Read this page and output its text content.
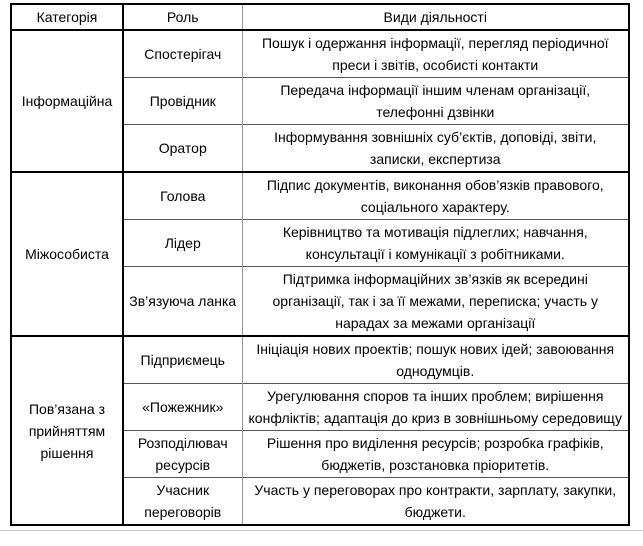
Категорія	Роль	Види діяльності
Інформаційна	Спостерігач	Пошук і одержання інформації, перегляд періодичної преси і звітів, особисті контакти
	Провідник	Передача інформації іншим членам організації, телефонні дзвінки
	Оратор	Інформування зовнішніх суб’єктів, доповіді, звіти, записки, експертиза
Міжособиста	Голова	Підпис документів, виконання обов’язків правового, соціального характеру.
	Лідер	Керівництво та мотивація підлеглих; навчання, консультації і комунікації з робітниками.
	Зв’язуюча ланка	Підтримка інформаційних зв’язків як всередині організації, так і за її межами, переписка; участь у нарадах за межами організації
Пов’язана з прийняттям рішення	Підприємець	Ініціація нових проектів; пошук нових ідей; завоювання однодумців.
	«Пожежник»	Урегулювання споров та інших проблем; вирішення конфліктів; адаптація до криз в зовнішньому середовищу
	Розподілювач ресурсів	Рішення про виділення ресурсів; розробка графіків, бюджетів, розстановка пріоритетів.
	Учасник переговорів	Участь у переговорах про контракти, зарплату, закупки, бюджети.
